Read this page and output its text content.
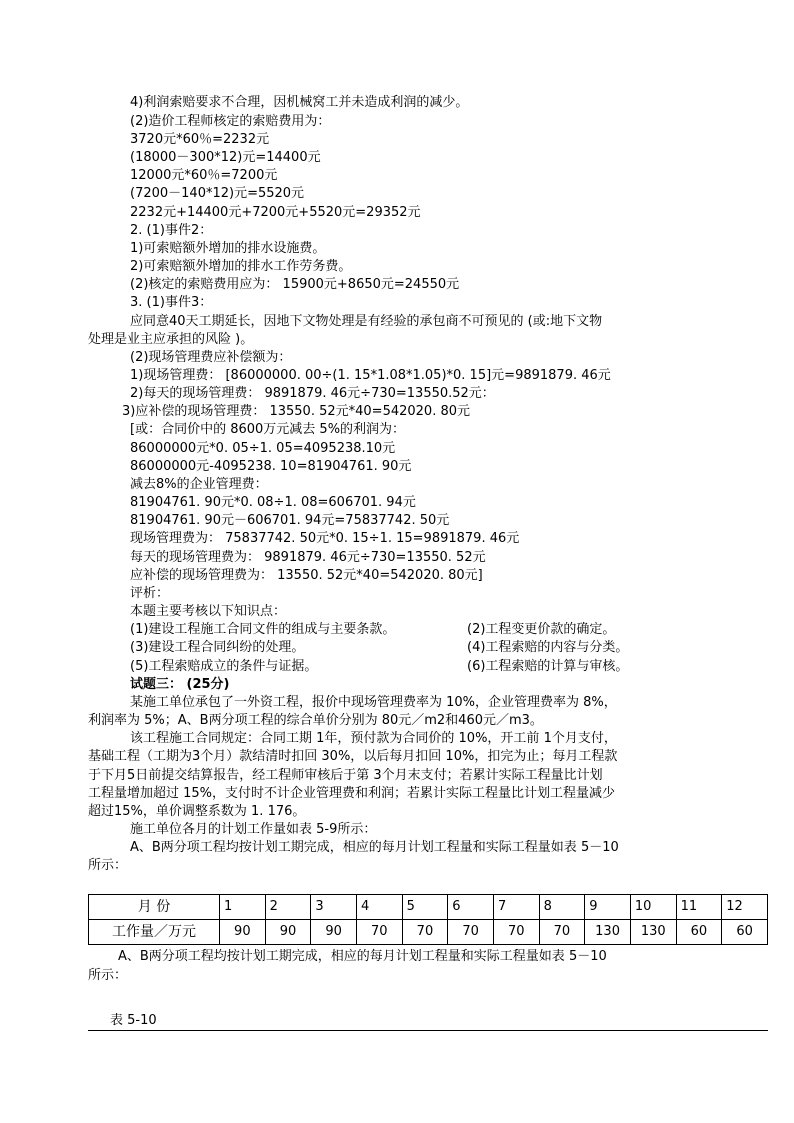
4)利润索赔要求不合理，因机械窝工并未造成利润的减少。
(2)造价工程师核定的索赔费用为：
3720元*60％=2232元
(18000－300*12)元=14400元
12000元*60％=7200元
(7200－140*12)元=5520元
2232元+14400元+7200元+5520元=29352元
2. (1)事件2：
1)可索赔额外增加的排水设施费。
2)可索赔额外增加的排水工作劳务费。
(2)核定的索赔费用应为： 15900元+8650元=24550元
3. (1)事件3：
应同意40天工期延长，因地下文物处理是有经验的承包商不可预见的 (或:地下文物
处理是业主应承担的风险 )。
(2)现场管理费应补偿额为：
1)现场管理费： [86000000. 00÷(1. 15*1.08*1.05)*0. 15]元=9891879. 46元
2)每天的现场管理费： 9891879. 46元÷730=13550.52元：
3)应补偿的现场管理费： 13550. 52元*40=542020. 80元
[或：合同价中的 8600万元减去 5%的利润为：
86000000元*0. 05÷1. 05=4095238.10元
86000000元-4095238. 10=81904761. 90元
减去8%的企业管理费：
81904761. 90元*0. 08÷1. 08=606701. 94元
81904761. 90元－606701. 94元=75837742. 50元
现场管理费为： 75837742. 50元*0. 15÷1. 15=9891879. 46元
每天的现场管理费为： 9891879. 46元÷730=13550. 52元
应补偿的现场管理费为： 13550. 52元*40=542020. 80元]
评析：
本题主要考核以下知识点：
(1)建设工程施工合同文件的组成与主要条款。	(2)工程变更价款的确定。
(3)建设工程合同纠纷的处理。	(4)工程索赔的内容与分类。
(5)工程索赔成立的条件与证据。	(6)工程索赔的计算与审核。
试题三： (25分)
某施工单位承包了一外资工程，报价中现场管理费率为 10%，企业管理费率为 8%，
利润率为 5%；A、B两分项工程的综合单价分别为 80元／m2和460元／m3。
该工程施工合同规定：合同工期 1年，预付款为合同价的 10%，开工前 1个月支付，
基础工程（工期为3个月）款结清时扣回 30%，以后每月扣回 10%，扣完为止；每月工程款
于下月5日前提交结算报告，经工程师审核后于第 3个月末支付；若累计实际工程量比计划
工程量增加超过 15%，支付时不计企业管理费和利润；若累计实际工程量比计划工程量减少
超过15%，单价调整系数为 1. 176。
施工单位各月的计划工作量如表 5-9所示：
A、B两分项工程均按计划工期完成，相应的每月计划工程量和实际工程量如表 5－10
所示：
月 份	1	2	3	4	5	6	7	8	9	10	11	12
工作量／万元	90	90	90	70	70	70	70	70	130	130	60	60
A、B两分项工程均按计划工期完成，相应的每月计划工程量和实际工程量如表 5－10
所示：
表 5-10
